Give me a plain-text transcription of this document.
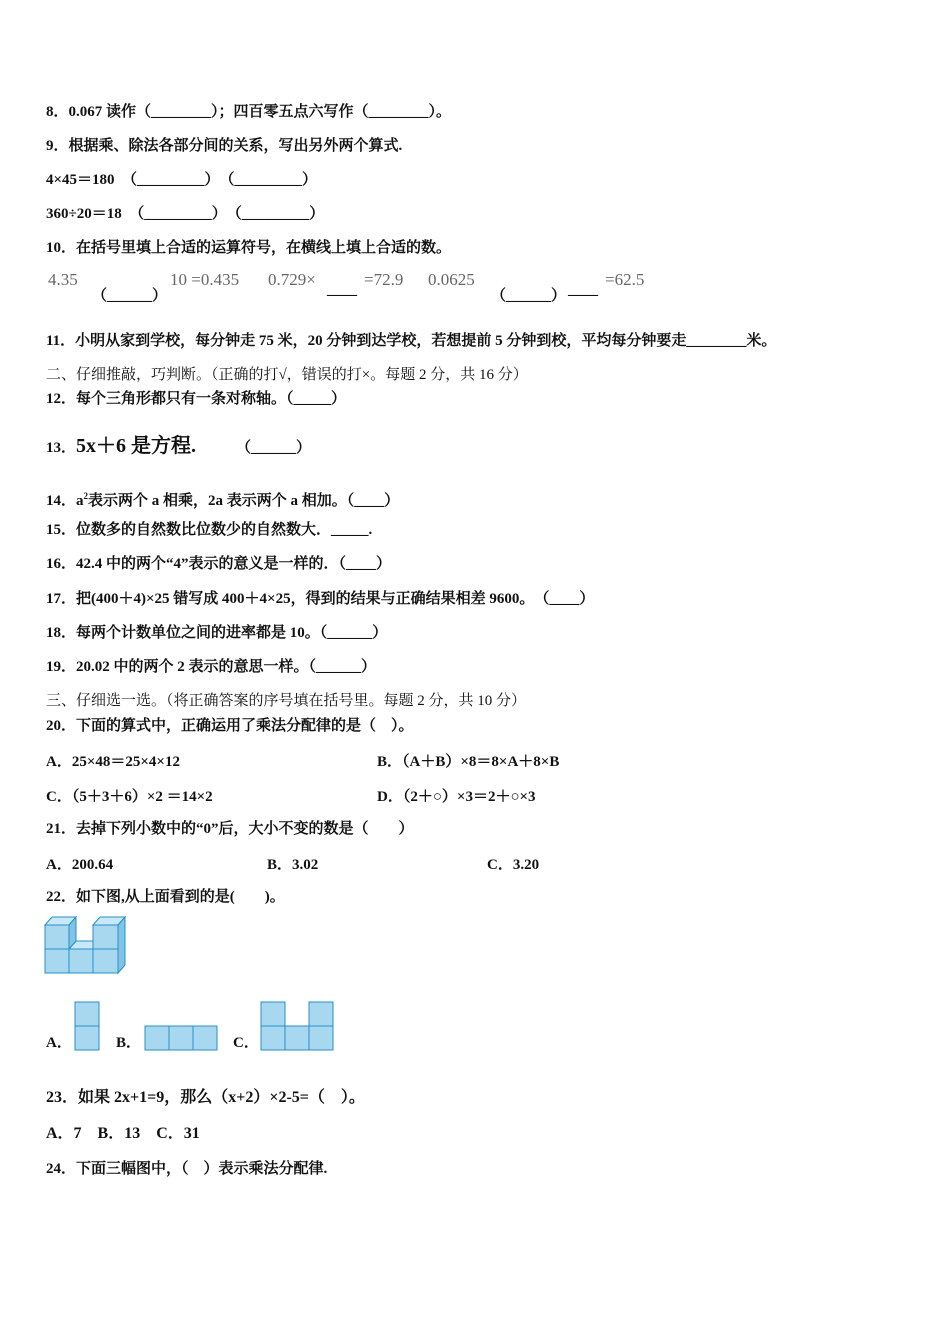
8．0.067 读作（________）；四百零五点六写作（________）。
9．根据乘、除法各部分间的关系，写出另外两个算式.
4×45＝180　（_________）　（_________）
360÷20＝18　（_________）　（_________）
10．在括号里填上合适的运算符号，在横线上填上合适的数。
4.35
（______）
10 =0.435 0.729×
____
=72.9 0.0625
（______） ____
=62.5
11．小明从家到学校，每分钟走 75 米，20 分钟到达学校，若想提前 5 分钟到校，平均每分钟要走________米。
二、仔细推敲，巧判断。（正确的打√，错误的打×。每题 2 分，共 16 分）
12．每个三角形都只有一条对称轴。（_____）
13．5x＋6 是方程.	（______）
14．$a^2$表示两个 a 相乘，2a 表示两个 a 相加。（____）
15．位数多的自然数比位数少的自然数大．_____.
16．42.4 中的两个“4”表示的意义是一样的．（____）
17．把(400＋4)×25 错写成 400＋4×25，得到的结果与正确结果相差 9600。　（____）
18．每两个计数单位之间的进率都是 10。（______）
19．20.02 中的两个 2 表示的意思一样。（______）
三、仔细选一选。（将正确答案的序号填在括号里。每题 2 分，共 10 分）
20．下面的算式中，正确运用了乘法分配律的是（　）。
A．25×48＝25×4×12	B．（A＋B）×8＝8×A＋8×B
C．（5＋3＋6）×2 ＝14×2	D．（2＋○）×3＝2＋○×3
21．去掉下列小数中的“0”后，大小不变的数是（　　）
A．200.64	B．3.02	C．3.20
22．如下图,从上面看到的是(　　)。
A．	B．	C．
23．如果 2x+1=9，那么（x+2）×2-5=（　）。
A．7　B．13　C．31
24．下面三幅图中，（　）表示乘法分配律.
